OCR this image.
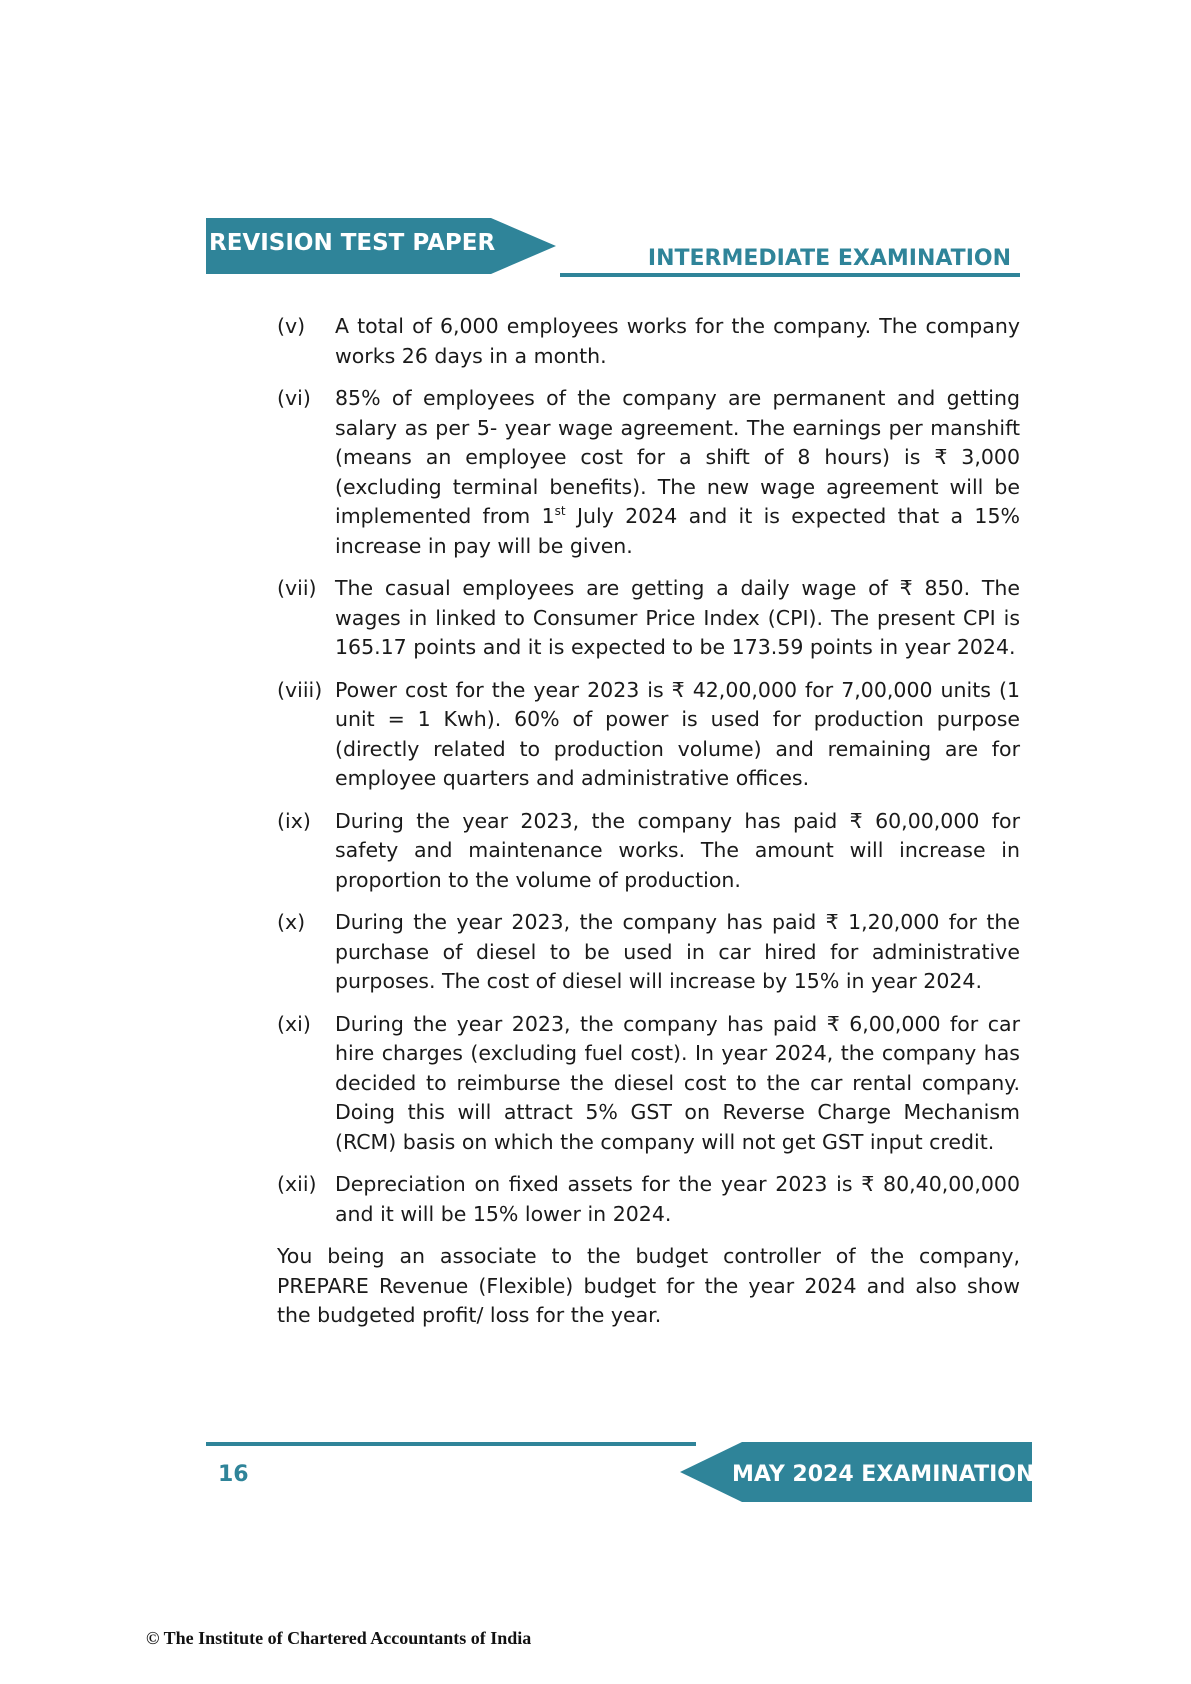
REVISION TEST PAPER
INTERMEDIATE EXAMINATION
(v)	A total of 6,000 employees works for the company. The company works 26 days in a month.
(vi)	85% of employees of the company are permanent and getting salary as per 5- year wage agreement. The earnings per manshift (means an employee cost for a shift of 8 hours) is ₹ 3,000 (excluding terminal benefits). The new wage agreement will be implemented from 1st July 2024 and it is expected that a 15% increase in pay will be given.
(vii) The casual employees are getting a daily wage of ₹ 850. The wages in linked to Consumer Price Index (CPI). The present CPI is 165.17 points and it is expected to be 173.59 points in year 2024.
(viii) Power cost for the year 2023 is ₹ 42,00,000 for 7,00,000 units (1 unit = 1 Kwh). 60% of power is used for production purpose (directly related to production volume) and remaining are for employee quarters and administrative offices.
(ix)	During the year 2023, the company has paid ₹ 60,00,000 for safety and maintenance works. The amount will increase in proportion to the volume of production.
(x)	During the year 2023, the company has paid ₹ 1,20,000 for the purchase of diesel to be used in car hired for administrative purposes. The cost of diesel will increase by 15% in year 2024.
(xi)	During the year 2023, the company has paid ₹ 6,00,000 for car hire charges (excluding fuel cost). In year 2024, the company has decided to reimburse the diesel cost to the car rental company. Doing this will attract 5% GST on Reverse Charge Mechanism (RCM) basis on which the company will not get GST input credit.
(xii) Depreciation on fixed assets for the year 2023 is ₹ 80,40,00,000 and it will be 15% lower in 2024.
You being an associate to the budget controller of the company, PREPARE Revenue (Flexible) budget for the year 2024 and also show the budgeted profit/ loss for the year.
MAY 2024 EXAMINATION
16
© The Institute of Chartered Accountants of India
